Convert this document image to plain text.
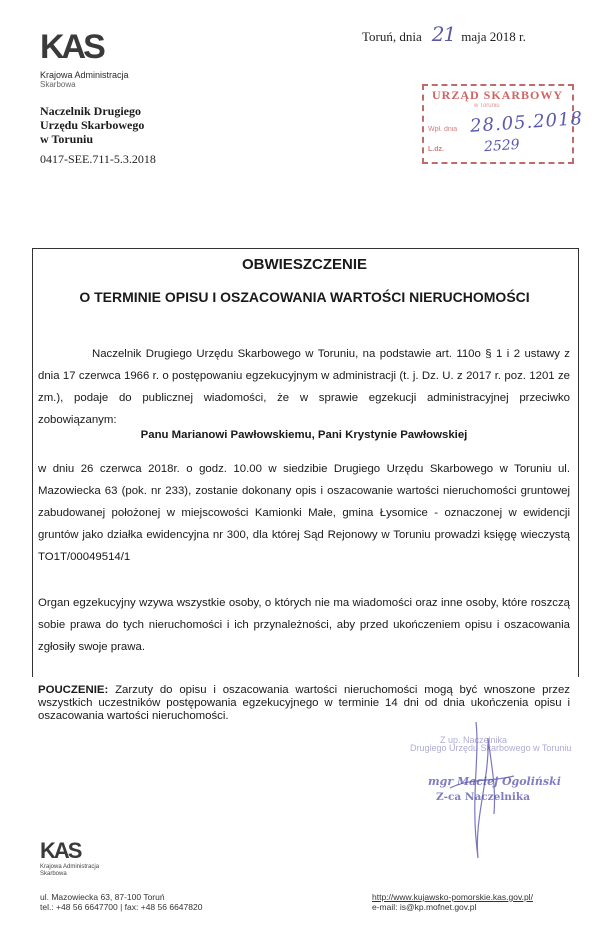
KAS
Krajowa Administracja
Skarbowa
Toruń, dnia 21 maja 2018 r.
Naczelnik Drugiego
Urzędu Skarbowego
w Toruniu
0417-SEE.711-5.3.2018
URZĄD SKARBOWY
w Toruniu
Wpł. dnia 28.05.2018
L.dz.	2529
OBWIESZCZENIE
O TERMINIE OPISU I OSZACOWANIA WARTOŚCI NIERUCHOMOŚCI
Naczelnik Drugiego Urzędu Skarbowego w Toruniu, na podstawie art. 110o § 1 i 2 ustawy z dnia 17 czerwca 1966 r. o postępowaniu egzekucyjnym w administracji (t. j. Dz. U. z 2017 r. poz. 1201 ze zm.), podaje do publicznej wiadomości, że w sprawie egzekucji administracyjnej przeciwko zobowiązanym:
Panu Marianowi Pawłowskiemu, Pani Krystynie Pawłowskiej
w dniu 26 czerwca 2018r. o godz. 10.00 w siedzibie Drugiego Urzędu Skarbowego w Toruniu ul. Mazowiecka 63 (pok. nr 233), zostanie dokonany opis i oszacowanie wartości nieruchomości gruntowej zabudowanej położonej w miejscowości Kamionki Małe, gmina Łysomice - oznaczonej w ewidencji gruntów jako działka ewidencyjna nr 300, dla której Sąd Rejonowy w Toruniu prowadzi księgę wieczystą TO1T/00049514/1
Organ egzekucyjny wzywa wszystkie osoby, o których nie ma wiadomości oraz inne osoby, które roszczą sobie prawa do tych nieruchomości i ich przynależności, aby przed ukończeniem opisu i oszacowania zgłosiły swoje prawa.
POUCZENIE: Zarzuty do opisu i oszacowania wartości nieruchomości mogą być wnoszone przez wszystkich uczestników postępowania egzekucyjnego w terminie 14 dni od dnia ukończenia opisu i oszacowania wartości nieruchomości.
Z up. Naczelnika
Drugiego Urzędu Skarbowego w Toruniu
mgr Maciej Ogoliński
Z-ca Naczelnika
KAS
Krajowa Administracja
Skarbowa
ul. Mazowiecka 63, 87-100 Toruń
tel.: +48 56 6647700 | fax: +48 56 6647820
http://www.kujawsko-pomorskie.kas.gov.pl/
e-mail: is@kp.mofnet.gov.pl
